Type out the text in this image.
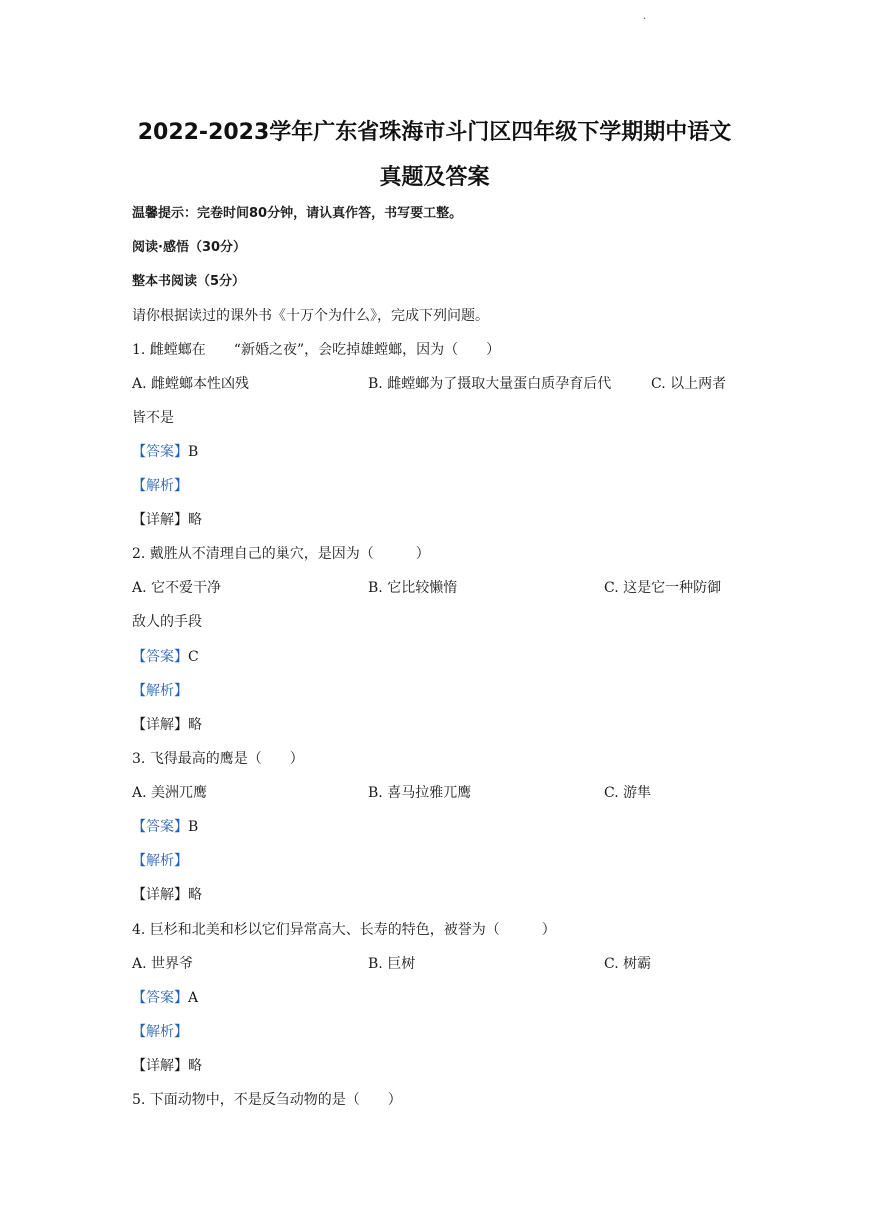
·
2022-2023学年广东省珠海市斗门区四年级下学期期中语文
真题及答案
温馨提示：完卷时间80分钟，请认真作答，书写要工整。
阅读·感悟（30分）
整本书阅读（5分）
请你根据读过的课外书《十万个为什么》，完成下列问题。
1. 雌螳螂在　　“新婚之夜”，会吃掉雄螳螂，因为（　　）
A. 雌螳螂本性凶残	B. 雌螳螂为了摄取大量蛋白质孕育后代	C. 以上两者
皆不是
【答案】B
【解析】
【详解】略
2. 戴胜从不清理自己的巢穴，是因为（　　　）
A. 它不爱干净	B. 它比较懒惰	C. 这是它一种防御
敌人的手段
【答案】C
【解析】
【详解】略
3. 飞得最高的鹰是（　　）
A. 美洲兀鹰	B. 喜马拉雅兀鹰	C. 游隼
【答案】B
【解析】
【详解】略
4. 巨杉和北美和杉以它们异常高大、长寿的特色，被誉为（　　　）
A. 世界爷	B. 巨树	C. 树霸
【答案】A
【解析】
【详解】略
5. 下面动物中，不是反刍动物的是（　　）
